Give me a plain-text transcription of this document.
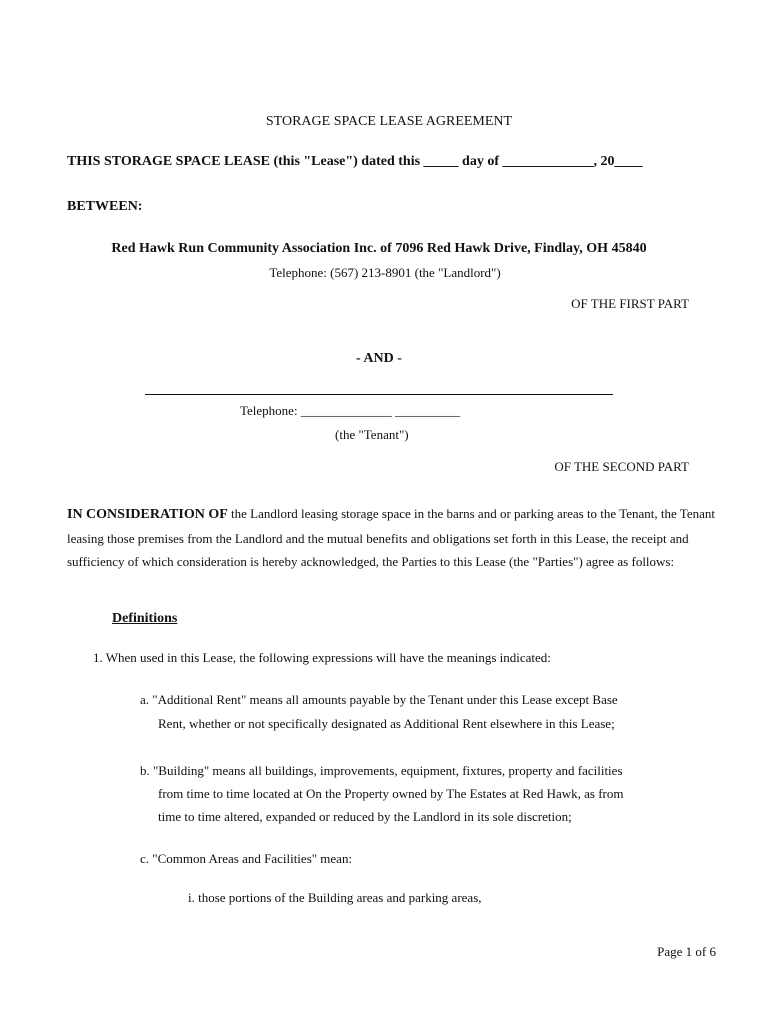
STORAGE SPACE LEASE AGREEMENT
THIS STORAGE SPACE LEASE (this "Lease") dated this _____ day of _____________, 20____
BETWEEN:
Red Hawk Run Community Association Inc. of 7096 Red Hawk Drive, Findlay, OH 45840
Telephone: (567) 213-8901 (the "Landlord")
OF THE FIRST PART
- AND -
Telephone: ______________ __________
(the "Tenant")
OF THE SECOND PART
IN CONSIDERATION OF the Landlord leasing storage space in the barns and or parking areas to the Tenant, the Tenant leasing those premises from the Landlord and the mutual benefits and obligations set forth in this Lease, the receipt and sufficiency of which consideration is hereby acknowledged, the Parties to this Lease (the "Parties") agree as follows:
Definitions
1. When used in this Lease, the following expressions will have the meanings indicated:
a. "Additional Rent" means all amounts payable by the Tenant under this Lease except Base
Rent, whether or not specifically designated as Additional Rent elsewhere in this Lease;
b. "Building" means all buildings, improvements, equipment, fixtures, property and facilities
from time to time located at On the Property owned by The Estates at Red Hawk, as from
time to time altered, expanded or reduced by the Landlord in its sole discretion;
c. "Common Areas and Facilities" mean:
i. those portions of the Building areas and parking areas,
Page 1 of 6
